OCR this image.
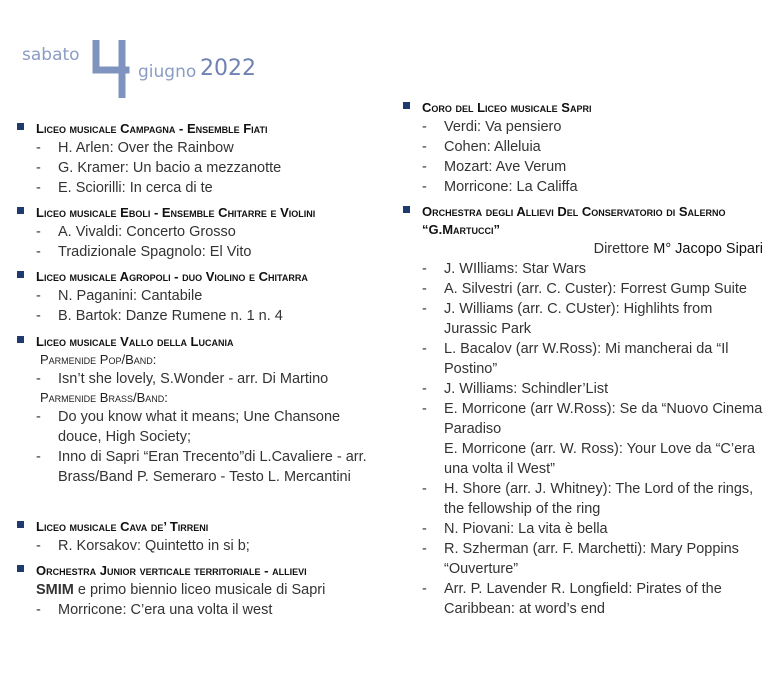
sabato
4
giugno 2022
Liceo musicale Campagna - Ensemble Fiati
- H. Arlen: Over the Rainbow
- G. Kramer: Un bacio a mezzanotte
- E. Sciorilli: In cerca di te
Liceo musicale Eboli - Ensemble Chitarre e Violini
- A. Vivaldi: Concerto Grosso
- Tradizionale Spagnolo: El Vito
Liceo musicale Agropoli - duo Violino e Chitarra
- N. Paganini: Cantabile
- B. Bartok: Danze Rumene n. 1 n. 4
Liceo musicale Vallo della Lucania
Parmenide Pop/Band:
- Isn’t she lovely, S.Wonder - arr. Di Martino
Parmenide Brass/Band:
- Do you know what it means; Une Chansone douce, High Society;
- Inno di Sapri “Eran Trecento”di L.Cavaliere - arr. Brass/Band P. Semeraro - Testo L. Mercantini
Liceo musicale Cava de’ Tirreni
- R. Korsakov: Quintetto in si b;
Orchestra Junior verticale territoriale - allievi
SMIM e primo biennio liceo musicale di Sapri
- Morricone: C’era una volta il west
Coro del Liceo musicale Sapri
- Verdi: Va pensiero
- Cohen: Alleluia
- Mozart: Ave Verum
- Morricone: La Califfa
Orchestra degli Allievi Del Conservatorio di Salerno “G.Martucci”
Direttore M° Jacopo Sipari
- J. WIlliams: Star Wars
- A. Silvestri (arr. C. Custer): Forrest Gump Suite
- J. Williams (arr. C. CUster): Highlihts from Jurassic Park
- L. Bacalov (arr W.Ross): Mi mancherai da “Il Postino”
- J. Williams: Schindler’List
- E. Morricone (arr W.Ross): Se da “Nuovo Cinema Paradiso
E. Morricone (arr. W. Ross): Your Love da “C’era una volta il West”
- H. Shore (arr. J. Whitney): The Lord of the rings, the fellowship of the ring
- N. Piovani: La vita è bella
- R. Szherman (arr. F. Marchetti): Mary Poppins “Ouverture”
- Arr. P. Lavender R. Longfield: Pirates of the Caribbean: at word’s end
